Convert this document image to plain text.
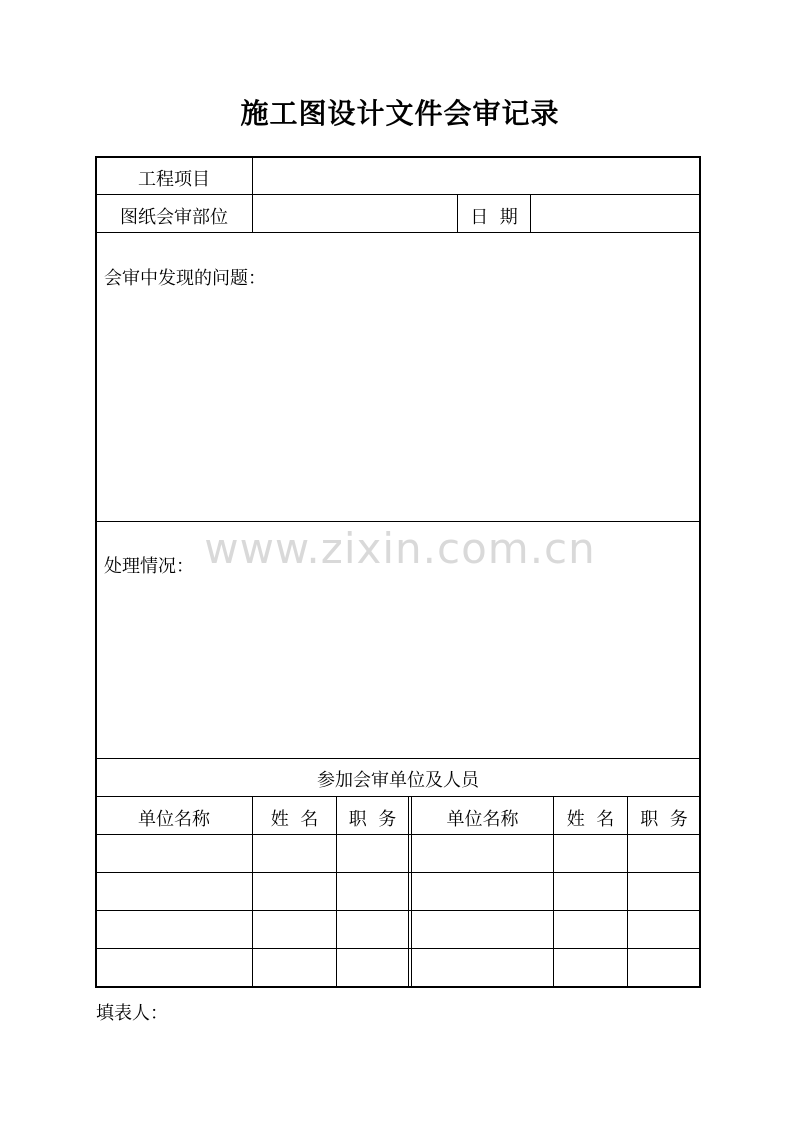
施工图设计文件会审记录
工程项目
图纸会审部位	日  期
会审中发现的问题：
处理情况：
参加会审单位及人员
单位名称	姓  名	职  务	单位名称	姓  名	职  务
www.zixin.com.cn
填表人：
